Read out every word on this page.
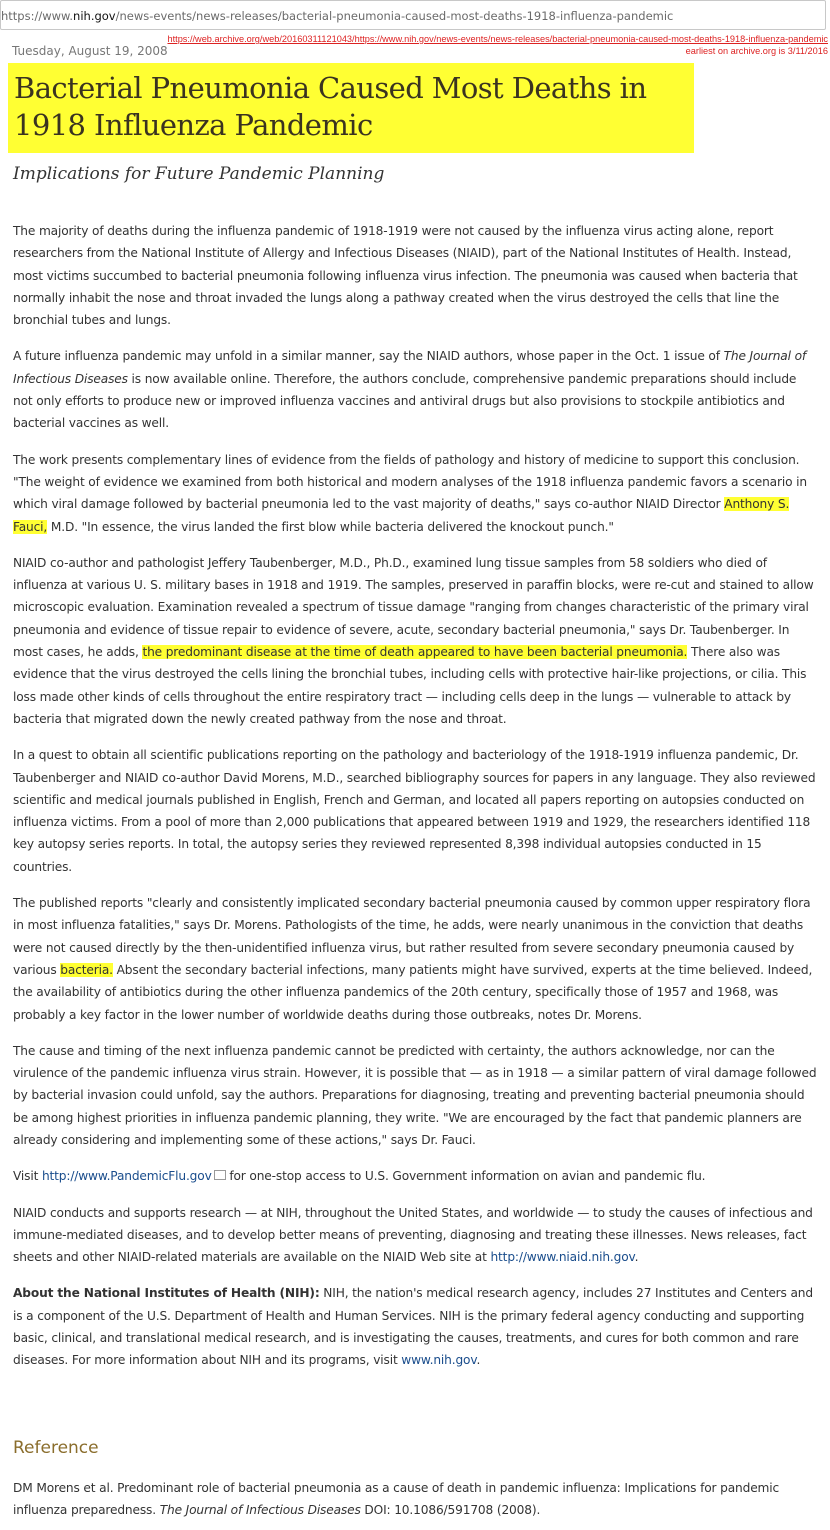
https://www.nih.gov/news-events/news-releases/bacterial-pneumonia-caused-most-deaths-1918-influenza-pandemic
https://web.archive.org/web/20160311121043/https://www.nih.gov/news-events/news-releases/bacterial-pneumonia-caused-most-deaths-1918-influenza-pandemic
earliest on archive.org is 3/11/2016
Tuesday, August 19, 2008
Bacterial Pneumonia Caused Most Deaths in 1918 Influenza Pandemic
Implications for Future Pandemic Planning

The majority of deaths during the influenza pandemic of 1918-1919 were not caused by the influenza virus acting alone, report researchers from the National Institute of Allergy and Infectious Diseases (NIAID), part of the National Institutes of Health. Instead, most victims succumbed to bacterial pneumonia following influenza virus infection. The pneumonia was caused when bacteria that normally inhabit the nose and throat invaded the lungs along a pathway created when the virus destroyed the cells that line the bronchial tubes and lungs.

A future influenza pandemic may unfold in a similar manner, say the NIAID authors, whose paper in the Oct. 1 issue of The Journal of Infectious Diseases is now available online. Therefore, the authors conclude, comprehensive pandemic preparations should include not only efforts to produce new or improved influenza vaccines and antiviral drugs but also provisions to stockpile antibiotics and bacterial vaccines as well.

The work presents complementary lines of evidence from the fields of pathology and history of medicine to support this conclusion. "The weight of evidence we examined from both historical and modern analyses of the 1918 influenza pandemic favors a scenario in which viral damage followed by bacterial pneumonia led to the vast majority of deaths," says co-author NIAID Director Anthony S. Fauci, M.D. "In essence, the virus landed the first blow while bacteria delivered the knockout punch."

NIAID co-author and pathologist Jeffery Taubenberger, M.D., Ph.D., examined lung tissue samples from 58 soldiers who died of influenza at various U. S. military bases in 1918 and 1919. The samples, preserved in paraffin blocks, were re-cut and stained to allow microscopic evaluation. Examination revealed a spectrum of tissue damage "ranging from changes characteristic of the primary viral pneumonia and evidence of tissue repair to evidence of severe, acute, secondary bacterial pneumonia," says Dr. Taubenberger. In most cases, he adds, the predominant disease at the time of death appeared to have been bacterial pneumonia. There also was evidence that the virus destroyed the cells lining the bronchial tubes, including cells with protective hair-like projections, or cilia. This loss made other kinds of cells throughout the entire respiratory tract — including cells deep in the lungs — vulnerable to attack by bacteria that migrated down the newly created pathway from the nose and throat.

In a quest to obtain all scientific publications reporting on the pathology and bacteriology of the 1918-1919 influenza pandemic, Dr. Taubenberger and NIAID co-author David Morens, M.D., searched bibliography sources for papers in any language. They also reviewed scientific and medical journals published in English, French and German, and located all papers reporting on autopsies conducted on influenza victims. From a pool of more than 2,000 publications that appeared between 1919 and 1929, the researchers identified 118 key autopsy series reports. In total, the autopsy series they reviewed represented 8,398 individual autopsies conducted in 15 countries.

The published reports "clearly and consistently implicated secondary bacterial pneumonia caused by common upper respiratory flora in most influenza fatalities," says Dr. Morens. Pathologists of the time, he adds, were nearly unanimous in the conviction that deaths were not caused directly by the then-unidentified influenza virus, but rather resulted from severe secondary pneumonia caused by various bacteria. Absent the secondary bacterial infections, many patients might have survived, experts at the time believed. Indeed, the availability of antibiotics during the other influenza pandemics of the 20th century, specifically those of 1957 and 1968, was probably a key factor in the lower number of worldwide deaths during those outbreaks, notes Dr. Morens.

The cause and timing of the next influenza pandemic cannot be predicted with certainty, the authors acknowledge, nor can the virulence of the pandemic influenza virus strain. However, it is possible that — as in 1918 — a similar pattern of viral damage followed by bacterial invasion could unfold, say the authors. Preparations for diagnosing, treating and preventing bacterial pneumonia should be among highest priorities in influenza pandemic planning, they write. "We are encouraged by the fact that pandemic planners are already considering and implementing some of these actions," says Dr. Fauci.

Visit http://www.PandemicFlu.gov for one-stop access to U.S. Government information on avian and pandemic flu.

NIAID conducts and supports research — at NIH, throughout the United States, and worldwide — to study the causes of infectious and immune-mediated diseases, and to develop better means of preventing, diagnosing and treating these illnesses. News releases, fact sheets and other NIAID-related materials are available on the NIAID Web site at http://www.niaid.nih.gov.

About the National Institutes of Health (NIH): NIH, the nation's medical research agency, includes 27 Institutes and Centers and is a component of the U.S. Department of Health and Human Services. NIH is the primary federal agency conducting and supporting basic, clinical, and translational medical research, and is investigating the causes, treatments, and cures for both common and rare diseases. For more information about NIH and its programs, visit www.nih.gov.

Reference

DM Morens et al. Predominant role of bacterial pneumonia as a cause of death in pandemic influenza: Implications for pandemic influenza preparedness. The Journal of Infectious Diseases DOI: 10.1086/591708 (2008).
